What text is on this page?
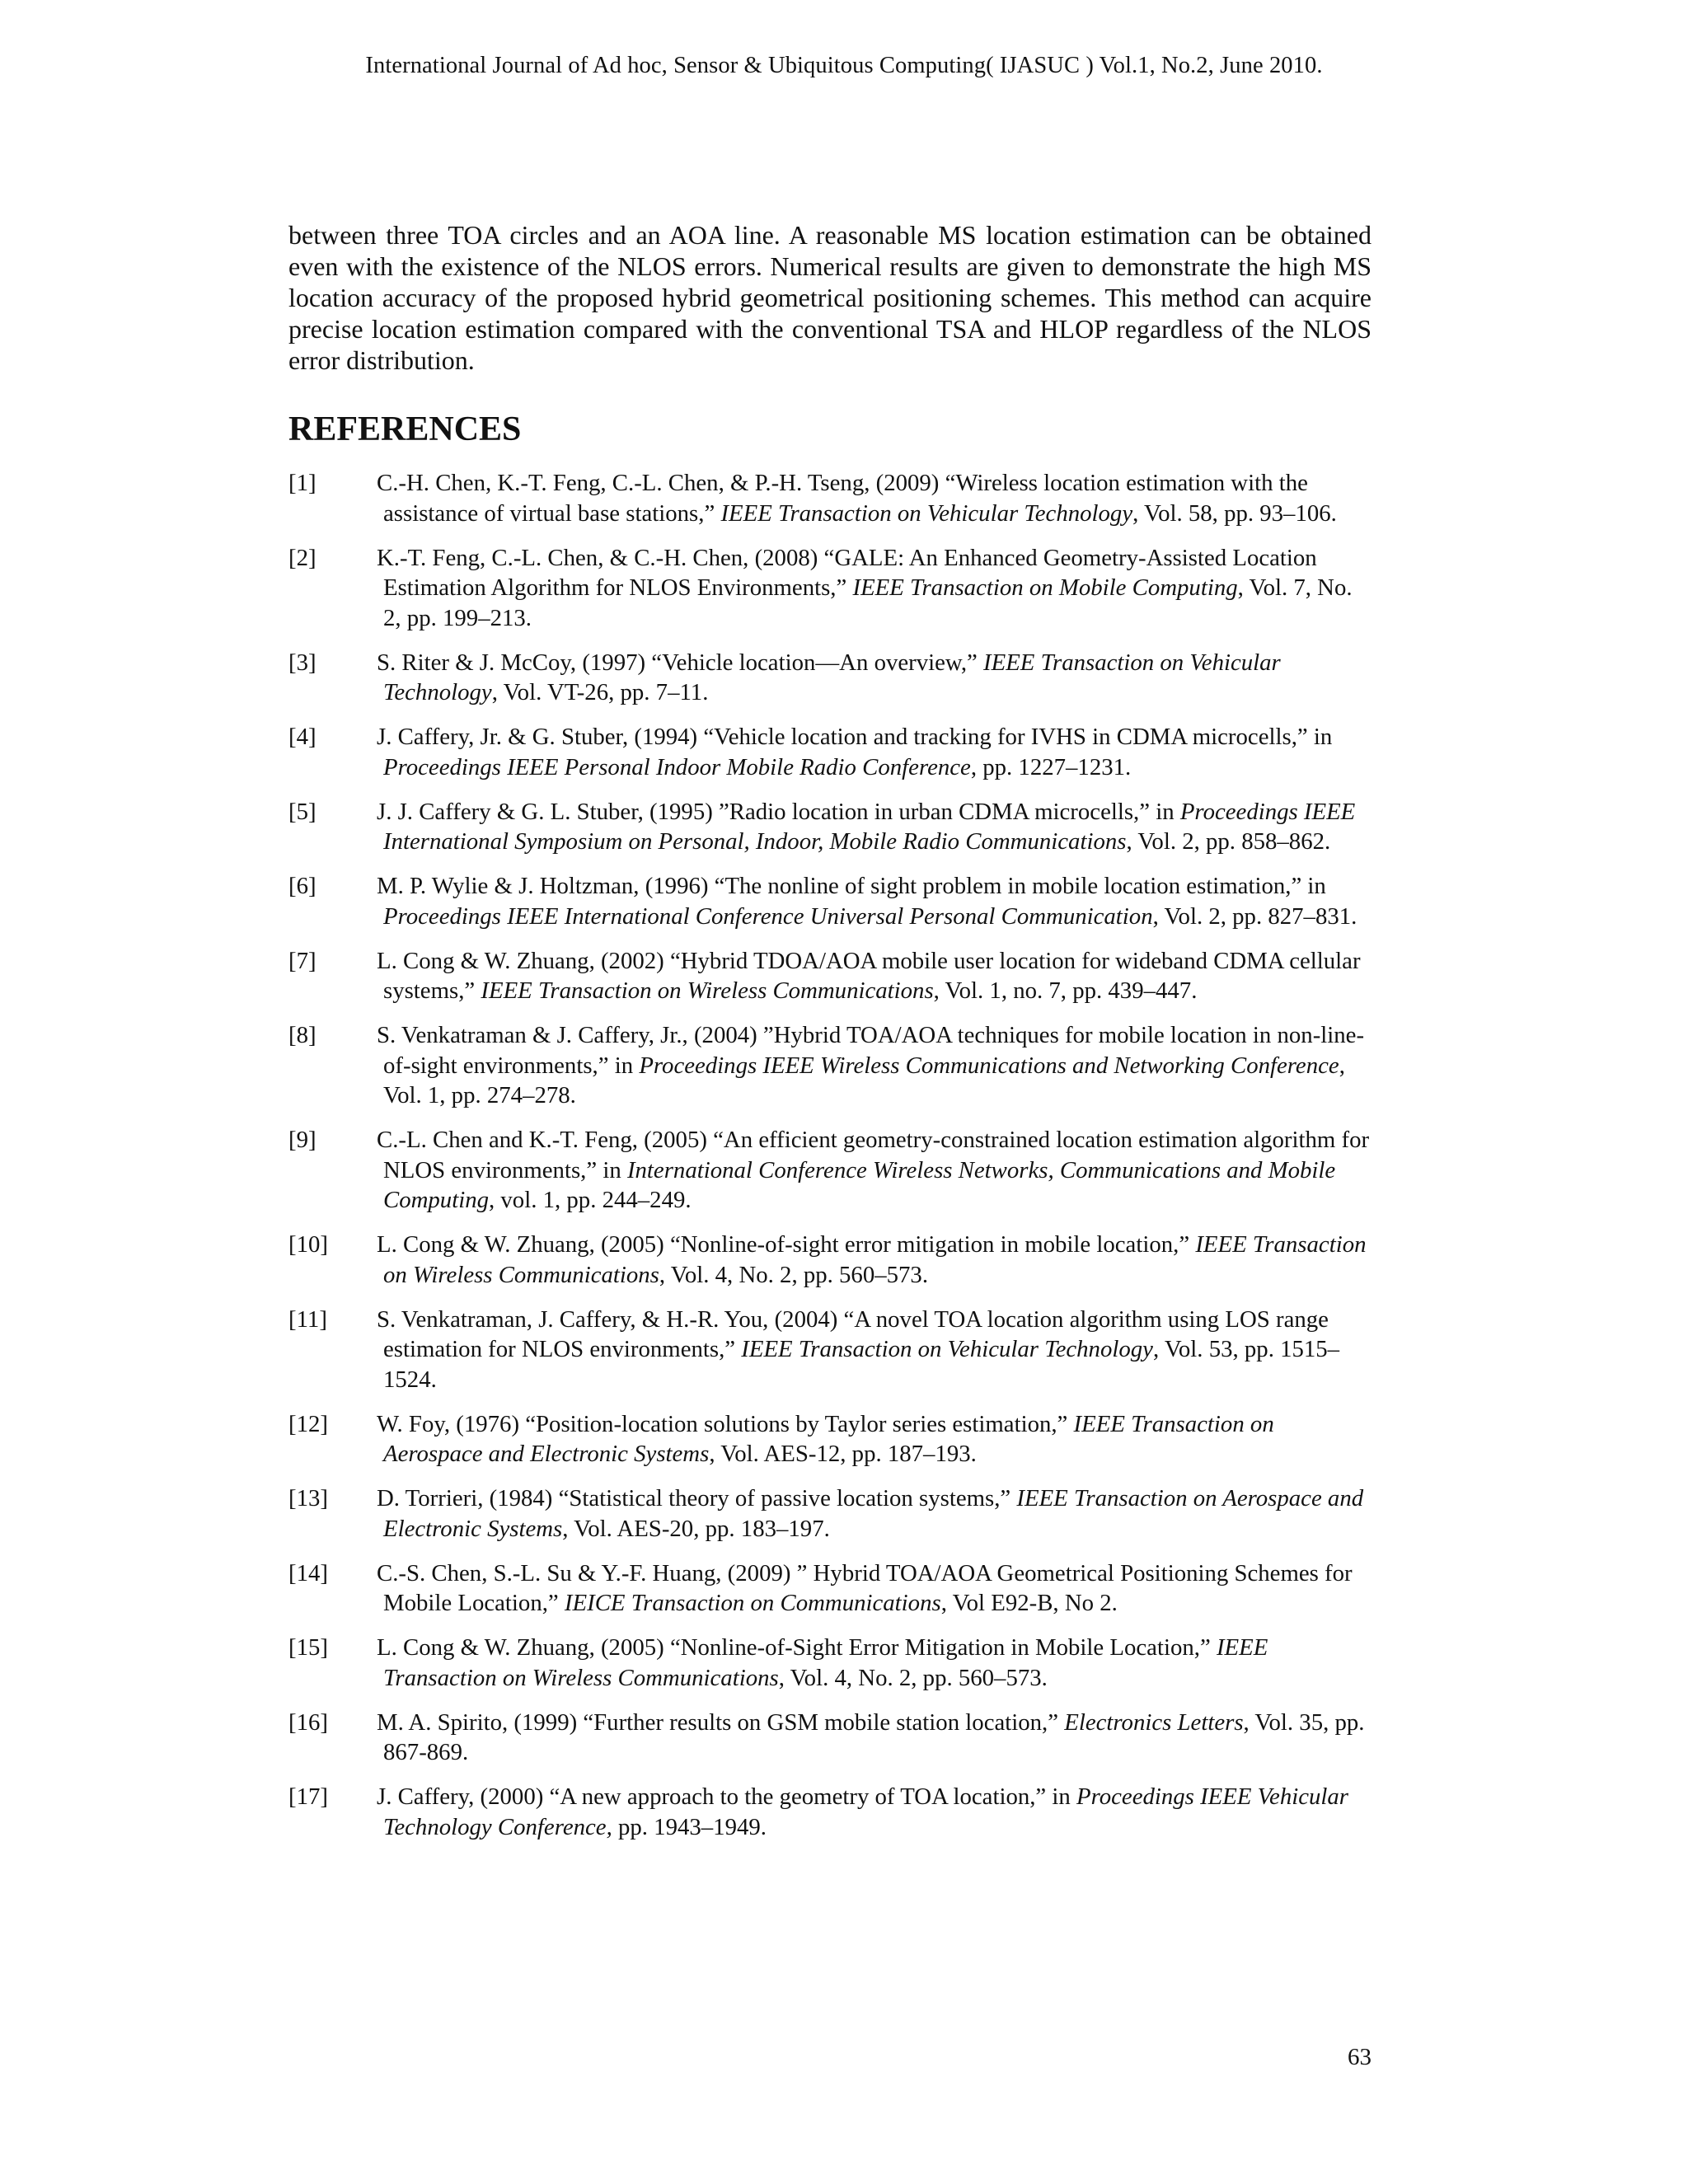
International Journal of Ad hoc, Sensor & Ubiquitous Computing( IJASUC ) Vol.1, No.2, June 2010.

between three TOA circles and an AOA line. A reasonable MS location estimation can be obtained even with the existence of the NLOS errors. Numerical results are given to demonstrate the high MS location accuracy of the proposed hybrid geometrical positioning schemes. This method can acquire precise location estimation compared with the conventional TSA and HLOP regardless of the NLOS error distribution.

REFERENCES
[1]	C.-H. Chen, K.-T. Feng, C.-L. Chen, & P.-H. Tseng, (2009) “Wireless location estimation with the assistance of virtual base stations,” IEEE Transaction on Vehicular Technology, Vol. 58, pp. 93–106.
[2]	K.-T. Feng, C.-L. Chen, & C.-H. Chen, (2008) “GALE: An Enhanced Geometry-Assisted Location Estimation Algorithm for NLOS Environments,” IEEE Transaction on Mobile Computing, Vol. 7, No. 2, pp. 199–213.
[3]	S. Riter & J. McCoy, (1997) “Vehicle location—An overview,” IEEE Transaction on Vehicular Technology, Vol. VT-26, pp. 7–11.
[4]	J. Caffery, Jr. & G. Stuber, (1994) “Vehicle location and tracking for IVHS in CDMA microcells,” in Proceedings IEEE Personal Indoor Mobile Radio Conference, pp. 1227–1231.
[5]	J. J. Caffery & G. L. Stuber, (1995) ”Radio location in urban CDMA microcells,” in Proceedings IEEE International Symposium on Personal, Indoor, Mobile Radio Communications, Vol. 2, pp. 858–862.
[6]	M. P. Wylie & J. Holtzman, (1996) “The nonline of sight problem in mobile location estimation,” in Proceedings IEEE International Conference Universal Personal Communication, Vol. 2, pp. 827–831.
[7]	L. Cong & W. Zhuang, (2002) “Hybrid TDOA/AOA mobile user location for wideband CDMA cellular systems,” IEEE Transaction on Wireless Communications, Vol. 1, no. 7, pp. 439–447.
[8]	S. Venkatraman & J. Caffery, Jr., (2004) ”Hybrid TOA/AOA techniques for mobile location in non-line-of-sight environments,” in Proceedings IEEE Wireless Communications and Networking Conference, Vol. 1, pp. 274–278.
[9]	C.-L. Chen and K.-T. Feng, (2005) “An efficient geometry-constrained location estimation algorithm for NLOS environments,” in International Conference Wireless Networks, Communications and Mobile Computing, vol. 1, pp. 244–249.
[10]	L. Cong & W. Zhuang, (2005) “Nonline-of-sight error mitigation in mobile location,” IEEE Transaction on Wireless Communications, Vol. 4, No. 2, pp. 560–573.
[11]	S. Venkatraman, J. Caffery, & H.-R. You, (2004) “A novel TOA location algorithm using LOS range estimation for NLOS environments,” IEEE Transaction on Vehicular Technology, Vol. 53, pp. 1515–1524.
[12]	W. Foy, (1976) “Position-location solutions by Taylor series estimation,” IEEE Transaction on Aerospace and Electronic Systems, Vol. AES-12, pp. 187–193.
[13]	D. Torrieri, (1984) “Statistical theory of passive location systems,” IEEE Transaction on Aerospace and Electronic Systems, Vol. AES-20, pp. 183–197.
[14]	C.-S. Chen, S.-L. Su & Y.-F. Huang, (2009) ” Hybrid TOA/AOA Geometrical Positioning Schemes for Mobile Location,” IEICE Transaction on Communications, Vol E92-B, No 2.
[15]	L. Cong & W. Zhuang, (2005) “Nonline-of-Sight Error Mitigation in Mobile Location,” IEEE Transaction on Wireless Communications, Vol. 4, No. 2, pp. 560–573.
[16]	M. A. Spirito, (1999) “Further results on GSM mobile station location,” Electronics Letters, Vol. 35, pp. 867-869.
[17]	J. Caffery, (2000) “A new approach to the geometry of TOA location,” in Proceedings IEEE Vehicular Technology Conference, pp. 1943–1949.
63
